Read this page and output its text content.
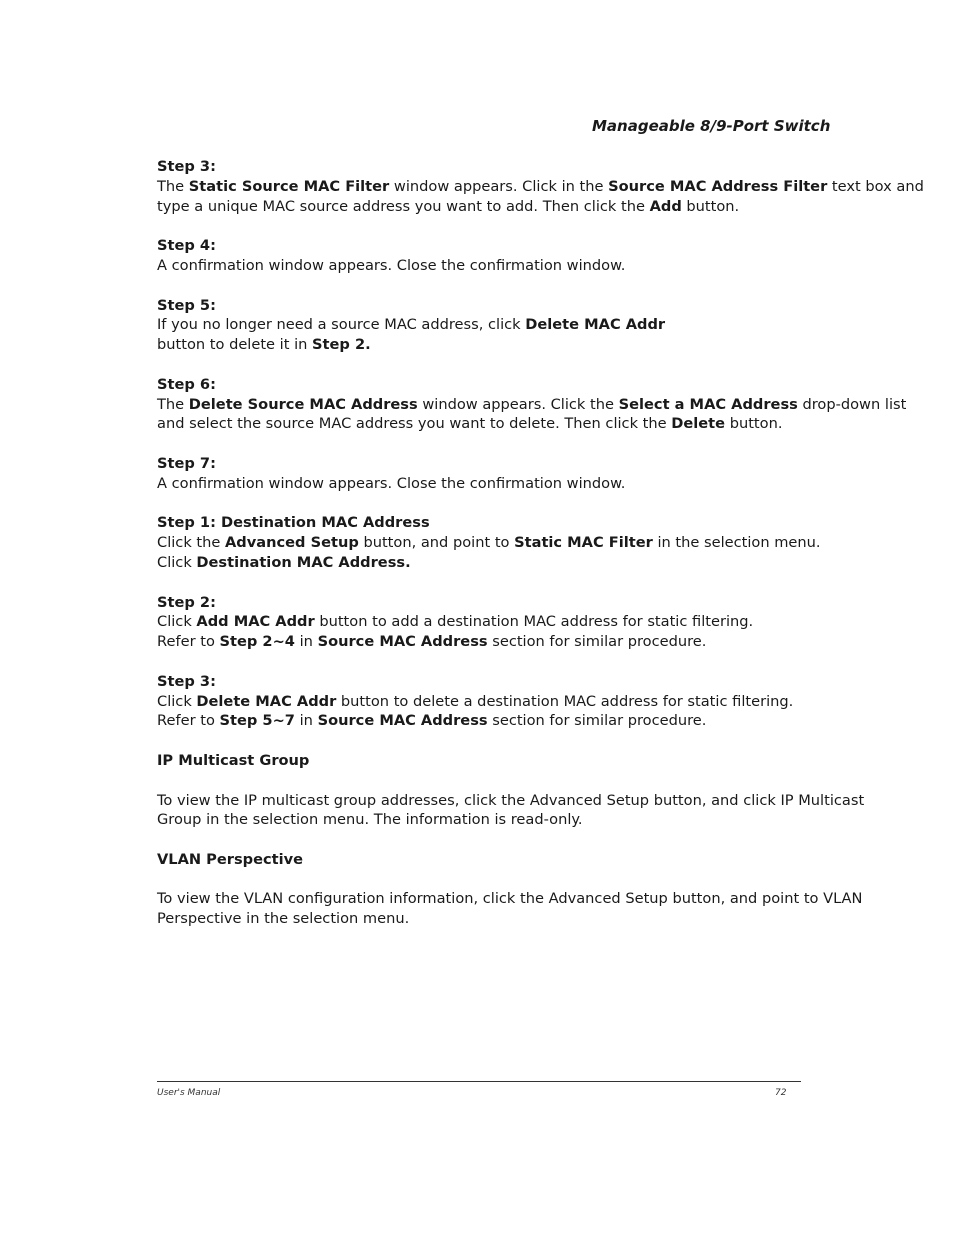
Manageable 8/9-Port Switch
Step 3:
The Static Source MAC Filter window appears. Click in the Source MAC Address Filter text box and
type a unique MAC source address you want to add. Then click the Add button.
Step 4:
A confirmation window appears. Close the confirmation window.
Step 5:
If you no longer need a source MAC address, click Delete MAC Addr
button to delete it in Step 2.
Step 6:
The Delete Source MAC Address window appears. Click the Select a MAC Address drop-down list
and select the source MAC address you want to delete. Then click the Delete button.
Step 7:
A confirmation window appears. Close the confirmation window.
Step 1: Destination MAC Address
Click the Advanced Setup button, and point to Static MAC Filter in the selection menu.
Click Destination MAC Address.
Step 2:
Click Add MAC Addr button to add a destination MAC address for static filtering.
Refer to Step 2~4 in Source MAC Address section for similar procedure.
Step 3:
Click Delete MAC Addr button to delete a destination MAC address for static filtering.
Refer to Step 5~7 in Source MAC Address section for similar procedure.
IP Multicast Group
To view the IP multicast group addresses, click the Advanced Setup button, and click IP Multicast
Group in the selection menu. The information is read-only.
VLAN Perspective
To view the VLAN configuration information, click the Advanced Setup button, and point to VLAN
Perspective in the selection menu.
User's Manual	72
